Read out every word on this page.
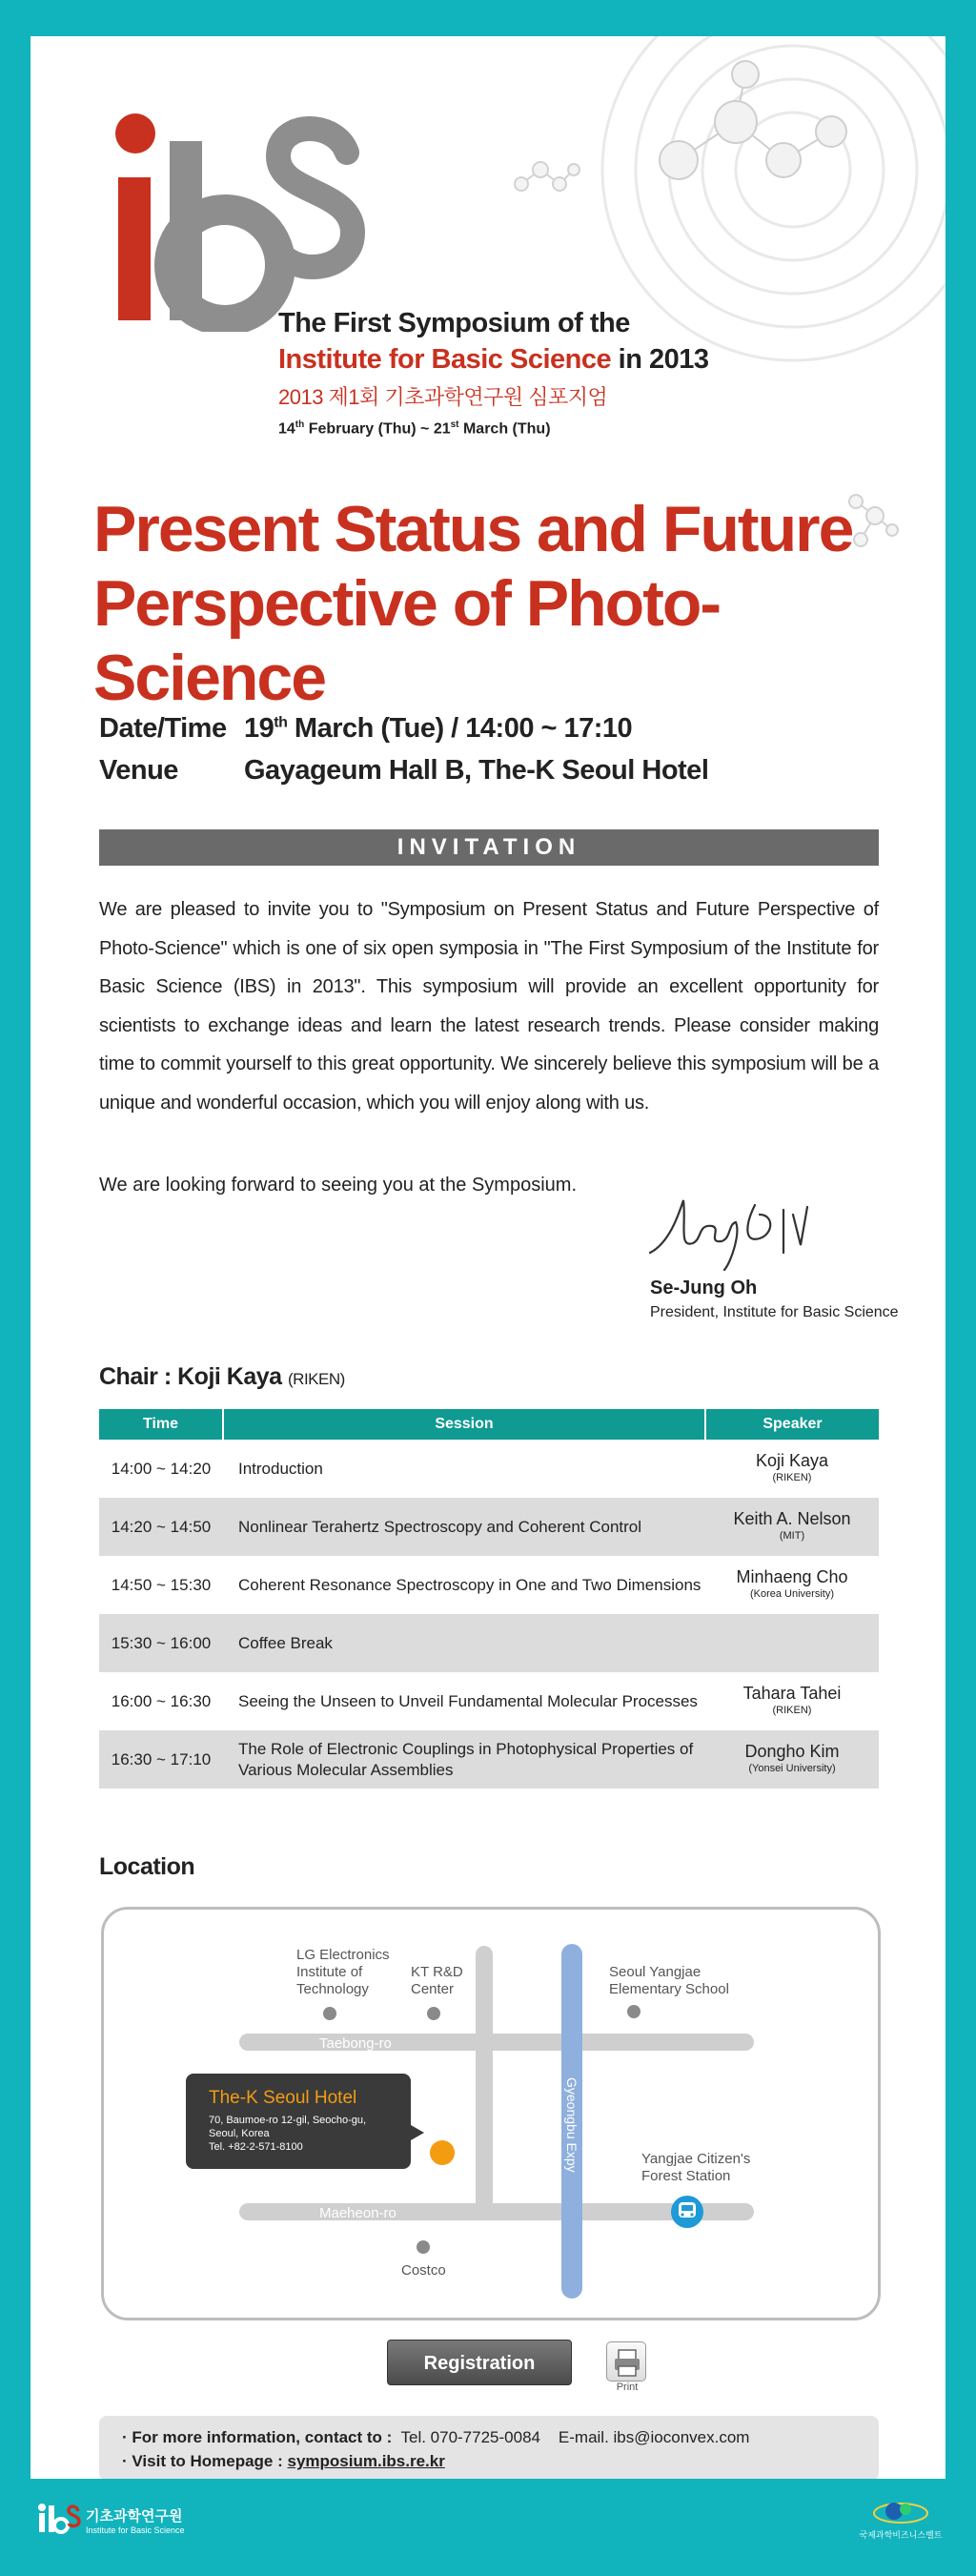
The First Symposium of the
Institute for Basic Science in 2013
2013 제1회 기초과학연구원 심포지엄
14th February (Thu) ~ 21st March (Thu)
Present Status and Future
Perspective of Photo-Science
Date/Time 19th March (Tue) / 14:00 ~ 17:10
Venue Gayageum Hall B, The-K Seoul Hotel
INVITATION

We are pleased to invite you to "Symposium on Present Status and Future Perspective of Photo-Science" which is one of six open symposia in "The First Symposium of the Institute for Basic Science (IBS) in 2013". This symposium will provide an excellent opportunity for scientists to exchange ideas and learn the latest research trends. Please consider making time to commit yourself to this great opportunity. We sincerely believe this symposium will be a unique and wonderful occasion, which you will enjoy along with us.

We are looking forward to seeing you at the Symposium.

Se-Jung Oh
President, Institute for Basic Science
Chair : Koji Kaya (RIKEN)
Time	Session	Speaker
14:00 ~ 14:20	Introduction	Koji Kaya
(RIKEN)

14:20 ~ 14:50	Nonlinear Terahertz Spectroscopy and Coherent Control	Keith A. Nelson
(MIT)

14:50 ~ 15:30	Coherent Resonance Spectroscopy in One and Two Dimensions	Minhaeng Cho
(Korea University)

15:30 ~ 16:00	Coffee Break	

16:00 ~ 16:30	Seeing the Unseen to Unveil Fundamental Molecular Processes	Tahara Tahei
(RIKEN)

16:30 ~ 17:10	The Role of Electronic Couplings in Photophysical Properties of Various Molecular Assemblies	Dongho Kim
(Yonsei University)
Location
Taebong-ro
Maeheon-ro
Gyeongbu Expy
LG Electronics
Institute of
Technology
KT R&D
Center
Seoul Yangjae
Elementary School
Yangjae Citizen's
Forest Station
Costco
The-K Seoul Hotel
70, Baumoe-ro 12-gil, Seocho-gu,
Seoul, Korea
Tel. +82-2-571-8100
Registration
Print
· For more information, contact to : Tel. 070-7725-0084 E-mail. ibs@ioconvex.com
· Visit to Homepage : symposium.ibs.re.kr
기초과학연구원
Institute for Basic Science	국제과학비즈니스벨트
